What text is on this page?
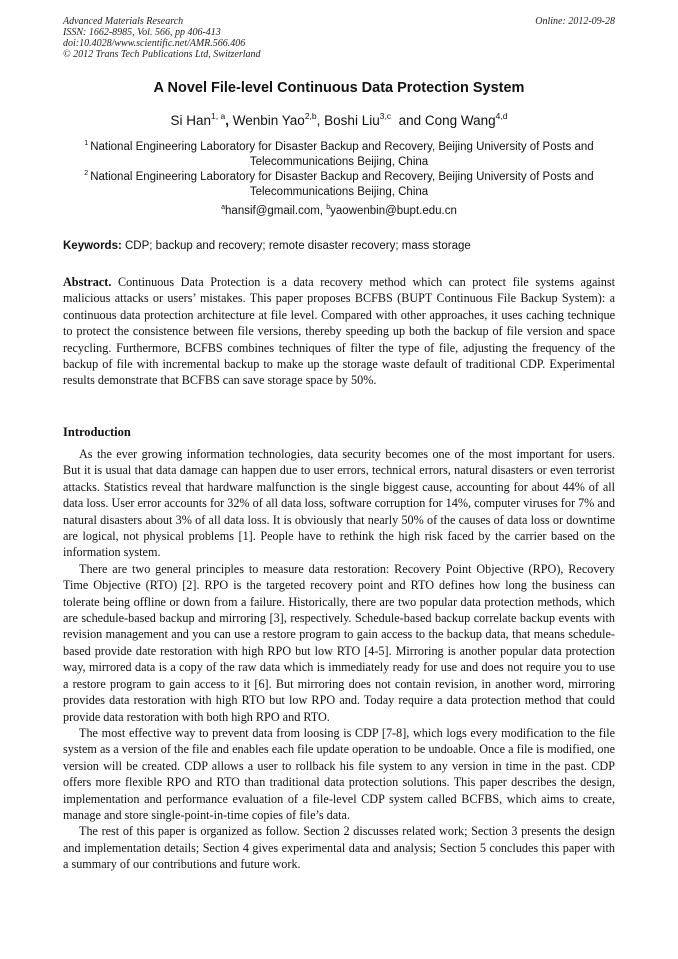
Advanced Materials Research
ISSN: 1662-8985, Vol. 566, pp 406-413
doi:10.4028/www.scientific.net/AMR.566.406
© 2012 Trans Tech Publications Ltd, Switzerland
Online: 2012-09-28
A Novel File-level Continuous Data Protection System
Si Han$^{1, a}$, Wenbin Yao$^{2,b}$, Boshi Liu$^{3,c}$ and Cong Wang$^{4,d}$
$^1$ National Engineering Laboratory for Disaster Backup and Recovery, Beijing University of Posts and Telecommunications Beijing, China
$^2$ National Engineering Laboratory for Disaster Backup and Recovery, Beijing University of Posts and Telecommunications Beijing, China
$^a$hansif@gmail.com, $^b$yaowenbin@bupt.edu.cn
Keywords: CDP; backup and recovery; remote disaster recovery; mass storage
Abstract. Continuous Data Protection is a data recovery method which can protect file systems against malicious attacks or users’ mistakes. This paper proposes BCFBS (BUPT Continuous File Backup System): a continuous data protection architecture at file level. Compared with other approaches, it uses caching technique to protect the consistence between file versions, thereby speeding up both the backup of file version and space recycling. Furthermore, BCFBS combines techniques of filter the type of file, adjusting the frequency of the backup of file with incremental backup to make up the storage waste default of traditional CDP. Experimental results demonstrate that BCFBS can save storage space by 50%.
Introduction

As the ever growing information technologies, data security becomes one of the most important for users. But it is usual that data damage can happen due to user errors, technical errors, natural disasters or even terrorist attacks. Statistics reveal that hardware malfunction is the single biggest cause, accounting for about 44% of all data loss. User error accounts for 32% of all data loss, software corruption for 14%, computer viruses for 7% and natural disasters about 3% of all data loss. It is obviously that nearly 50% of the causes of data loss or downtime are logical, not physical problems [1]. People have to rethink the high risk faced by the carrier based on the information system.

There are two general principles to measure data restoration: Recovery Point Objective (RPO), Recovery Time Objective (RTO) [2]. RPO is the targeted recovery point and RTO defines how long the business can tolerate being offline or down from a failure. Historically, there are two popular data protection methods, which are schedule-based backup and mirroring [3], respectively. Schedule-based backup correlate backup events with revision management and you can use a restore program to gain access to the backup data, that means schedule-based provide date restoration with high RPO but low RTO [4-5]. Mirroring is another popular data protection way, mirrored data is a copy of the raw data which is immediately ready for use and does not require you to use a restore program to gain access to it [6]. But mirroring does not contain revision, in another word, mirroring provides data restoration with high RTO but low RPO and. Today require a data protection method that could provide data restoration with both high RPO and RTO.

The most effective way to prevent data from loosing is CDP [7-8], which logs every modification to the file system as a version of the file and enables each file update operation to be undoable. Once a file is modified, one version will be created. CDP allows a user to rollback his file system to any version in time in the past. CDP offers more flexible RPO and RTO than traditional data protection solutions. This paper describes the design, implementation and performance evaluation of a file-level CDP system called BCFBS, which aims to create, manage and store single-point-in-time copies of file’s data.

The rest of this paper is organized as follow. Section 2 discusses related work; Section 3 presents the design and implementation details; Section 4 gives experimental data and analysis; Section 5 concludes this paper with a summary of our contributions and future work.
